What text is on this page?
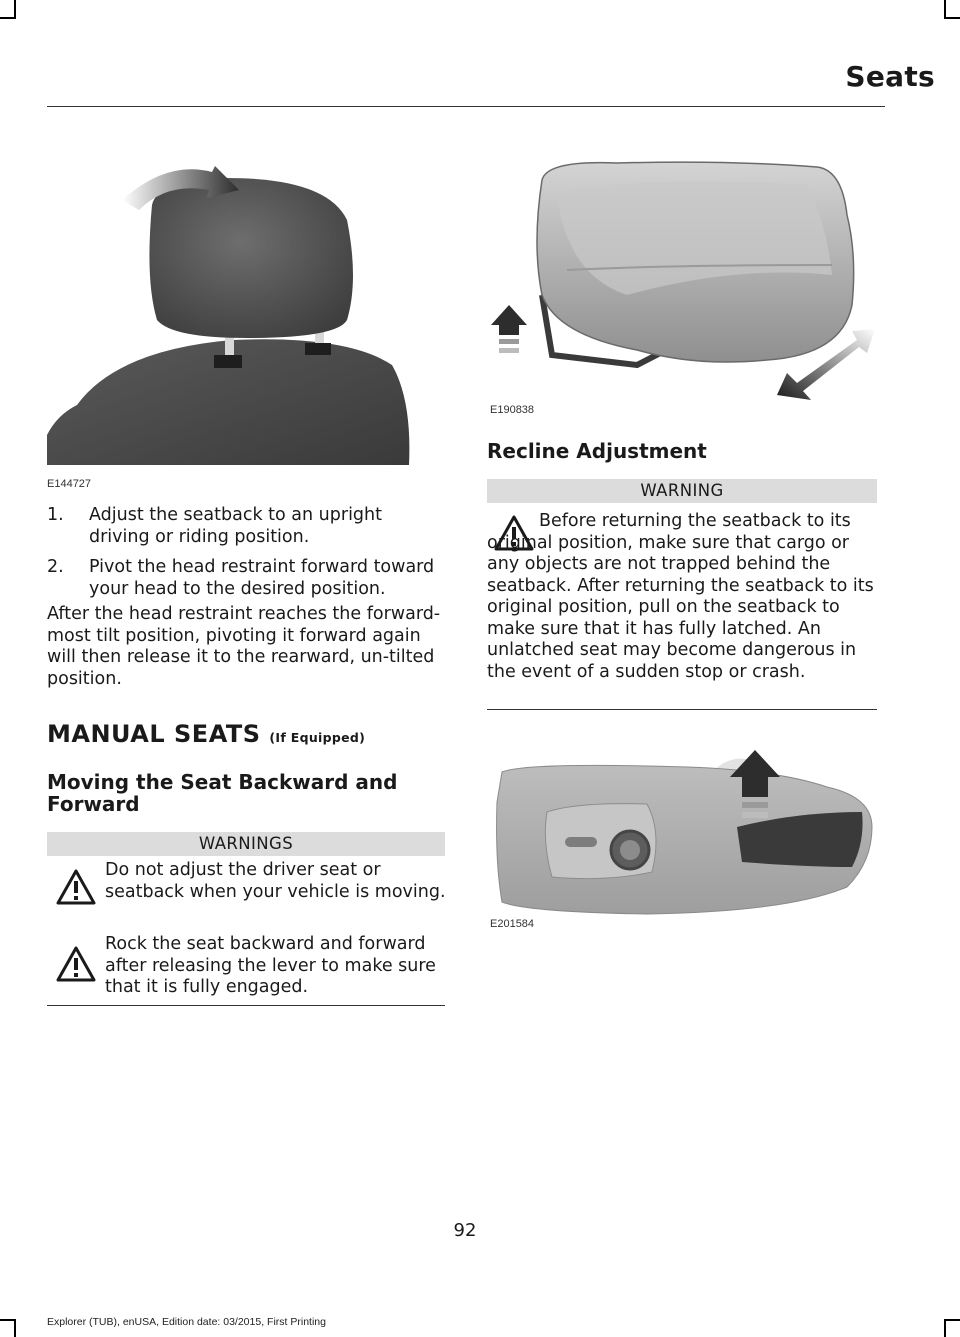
Seats
E144727
1. Adjust the seatback to an upright driving or riding position.
2. Pivot the head restraint forward toward your head to the desired position.

After the head restraint reaches the forward-most tilt position, pivoting it forward again will then release it to the rearward, un-tilted position.

MANUAL SEATS (If Equipped)
Moving the Seat Backward and Forward
WARNINGS

Do not adjust the driver seat or seatback when your vehicle is moving.

Rock the seat backward and forward after releasing the lever to make sure that it is fully engaged.

E190838
Recline Adjustment
WARNING

Before returning the seatback to its original position, make sure that cargo or any objects are not trapped behind the seatback. After returning the seatback to its original position, pull on the seatback to make sure that it has fully latched. An unlatched seat may become dangerous in the event of a sudden stop or crash.

E201584
92
Explorer (TUB), enUSA, Edition date: 03/2015, First Printing
